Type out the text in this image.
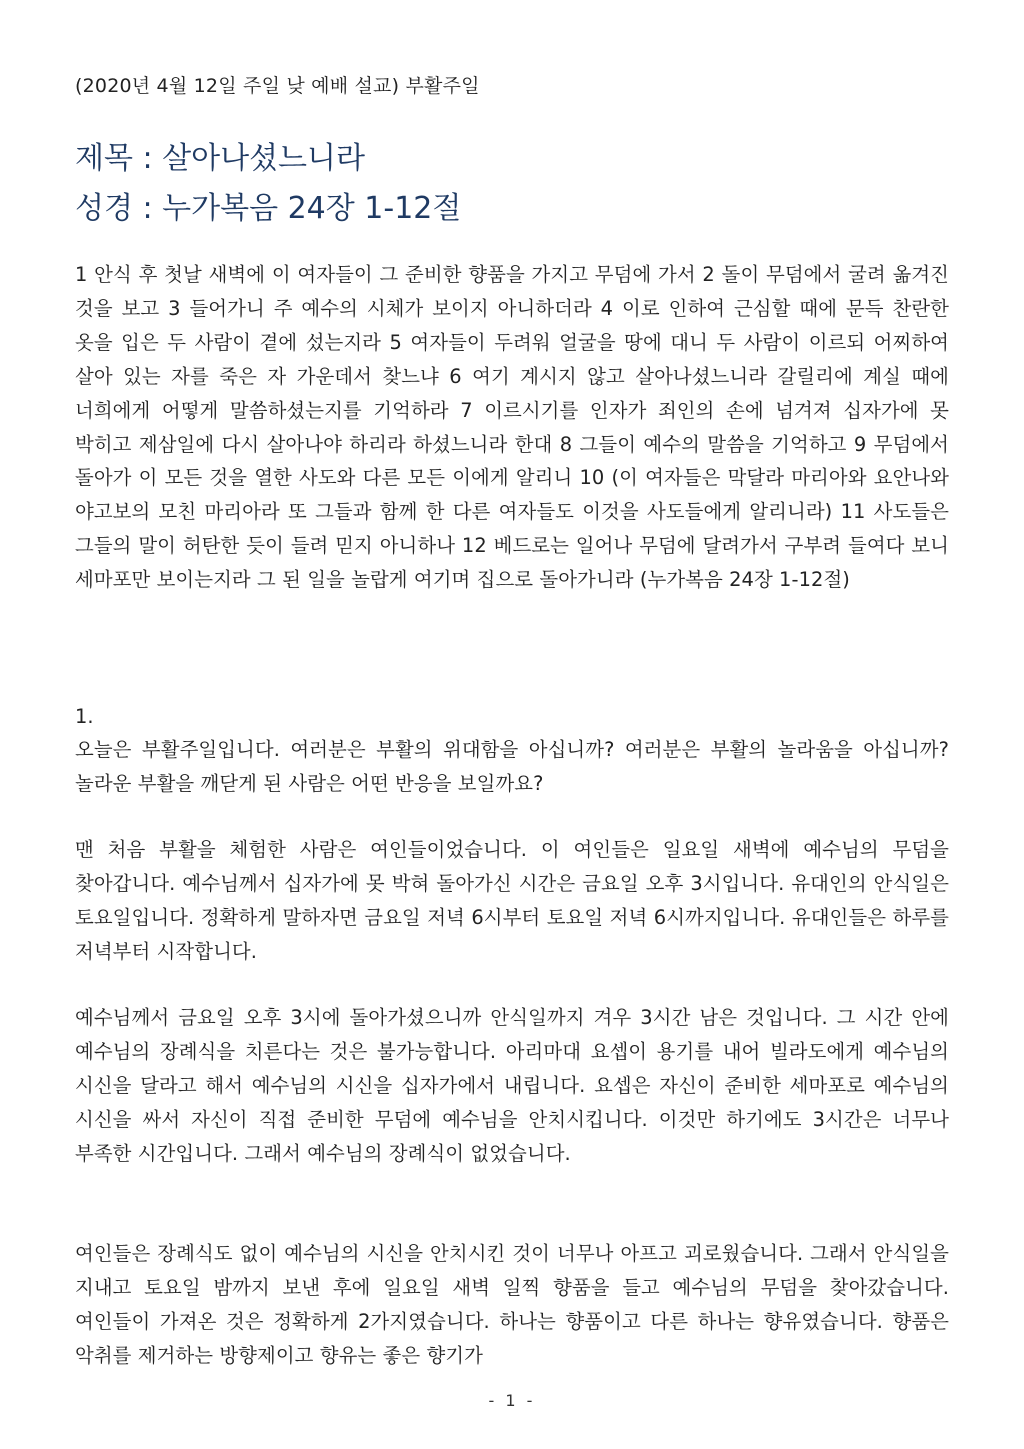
(2020년 4월 12일 주일 낮 예배 설교) 부활주일
제목 : 살아나셨느니라
성경 : 누가복음 24장 1-12절
1 안식 후 첫날 새벽에 이 여자들이 그 준비한 향품을 가지고 무덤에 가서 2 돌이 무덤에서 굴려 옮겨진 것을 보고 3 들어가니 주 예수의 시체가 보이지 아니하더라 4 이로 인하여 근심할 때에 문득 찬란한 옷을 입은 두 사람이 곁에 섰는지라 5 여자들이 두려워 얼굴을 땅에 대니 두 사람이 이르되 어찌하여 살아 있는 자를 죽은 자 가운데서 찾느냐 6 여기 계시지 않고 살아나셨느니라 갈릴리에 계실 때에 너희에게 어떻게 말씀하셨는지를 기억하라 7 이르시기를 인자가 죄인의 손에 넘겨져 십자가에 못 박히고 제삼일에 다시 살아나야 하리라 하셨느니라 한대 8 그들이 예수의 말씀을 기억하고 9 무덤에서 돌아가 이 모든 것을 열한 사도와 다른 모든 이에게 알리니 10 (이 여자들은 막달라 마리아와 요안나와 야고보의 모친 마리아라 또 그들과 함께 한 다른 여자들도 이것을 사도들에게 알리니라) 11 사도들은 그들의 말이 허탄한 듯이 들려 믿지 아니하나 12 베드로는 일어나 무덤에 달려가서 구부려 들여다 보니 세마포만 보이는지라 그 된 일을 놀랍게 여기며 집으로 돌아가니라 (누가복음 24장 1-12절)
1.
오늘은 부활주일입니다. 여러분은 부활의 위대함을 아십니까? 여러분은 부활의 놀라움을 아십니까? 놀라운 부활을 깨닫게 된 사람은 어떤 반응을 보일까요?
맨 처음 부활을 체험한 사람은 여인들이었습니다. 이 여인들은 일요일 새벽에 예수님의 무덤을 찾아갑니다. 예수님께서 십자가에 못 박혀 돌아가신 시간은 금요일 오후 3시입니다. 유대인의 안식일은 토요일입니다. 정확하게 말하자면 금요일 저녁 6시부터 토요일 저녁 6시까지입니다. 유대인들은 하루를 저녁부터 시작합니다.
예수님께서 금요일 오후 3시에 돌아가셨으니까 안식일까지 겨우 3시간 남은 것입니다. 그 시간 안에 예수님의 장례식을 치른다는 것은 불가능합니다. 아리마대 요셉이 용기를 내어 빌라도에게 예수님의 시신을 달라고 해서 예수님의 시신을 십자가에서 내립니다. 요셉은 자신이 준비한 세마포로 예수님의 시신을 싸서 자신이 직접 준비한 무덤에 예수님을 안치시킵니다. 이것만 하기에도 3시간은 너무나 부족한 시간입니다. 그래서 예수님의 장례식이 없었습니다.
여인들은 장례식도 없이 예수님의 시신을 안치시킨 것이 너무나 아프고 괴로웠습니다. 그래서 안식일을 지내고 토요일 밤까지 보낸 후에 일요일 새벽 일찍 향품을 들고 예수님의 무덤을 찾아갔습니다. 여인들이 가져온 것은 정확하게 2가지였습니다. 하나는 향품이고 다른 하나는 향유였습니다. 향품은 악취를 제거하는 방향제이고 향유는 좋은 향기가
- 1 -
